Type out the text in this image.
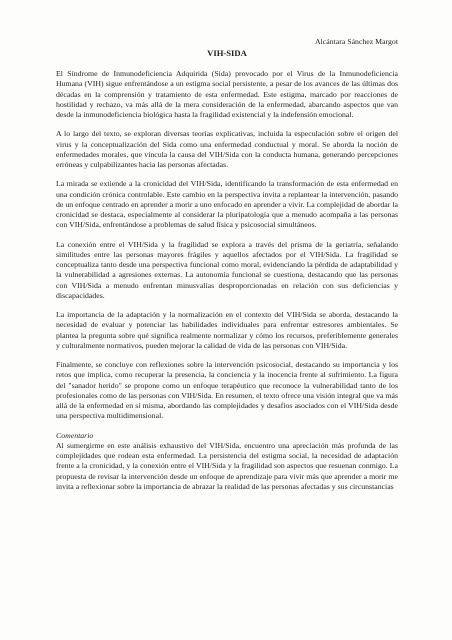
Alcántara Sánchez Margot
VIH-SIDA

El Síndrome de Inmunodeficiencia Adquirida (Sida) provocado por el Virus de la Inmunodeficiencia Humana (VIH) sigue enfrentándose a un estigma social persistente, a pesar de los avances de las últimas dos décadas en la comprensión y tratamiento de esta enfermedad. Este estigma, marcado por reacciones de hostilidad y rechazo, va más allá de la mera consideración de la enfermedad, abarcando aspectos que van desde la inmunodeficiencia biológica hasta la fragilidad existencial y la indefensión emocional.

A lo largo del texto, se exploran diversas teorías explicativas, incluida la especulación sobre el origen del virus y la conceptualización del Sida como una enfermedad conductual y moral. Se aborda la noción de enfermedades morales, que vincula la causa del VIH/Sida con la conducta humana, generando percepciones erróneas y culpabilizantes hacia las personas afectadas.

La mirada se extiende a la cronicidad del VIH/Sida, identificando la transformación de esta enfermedad en una condición crónica controlable. Este cambio en la perspectiva invita a replantear la intervención, pasando de un enfoque centrado en aprender a morir a uno enfocado en aprender a vivir. La complejidad de abordar la cronicidad se destaca, especialmente al considerar la pluripatología que a menudo acompaña a las personas con VIH/Sida, enfrentándose a problemas de salud física y psicosocial simultáneos.

La conexión entre el VIH/Sida y la fragilidad se explora a través del prisma de la geriatría, señalando similitudes entre las personas mayores frágiles y aquellos afectados por el VIH/Sida. La fragilidad se conceptualiza tanto desde una perspectiva funcional como moral, evidenciando la pérdida de adaptabilidad y la vulnerabilidad a agresiones externas. La autonomía funcional se cuestiona, destacando que las personas con VIH/Sida a menudo enfrentan minusvalías desproporcionadas en relación con sus deficiencias y discapacidades.

La importancia de la adaptación y la normalización en el contexto del VIH/Sida se aborda, destacando la necesidad de evaluar y potenciar las habilidades individuales para enfrentar estresores ambientales. Se plantea la pregunta sobre qué significa realmente normalizar y cómo los recursos, preferiblemente generales y culturalmente normativos, pueden mejorar la calidad de vida de las personas con VIH/Sida.

Finalmente, se concluye con reflexiones sobre la intervención psicosocial, destacando su importancia y los retos que implica, como recuperar la presencia, la conciencia y la inocencia frente al sufrimiento. La figura del "sanador herido" se propone como un enfoque terapéutico que reconoce la vulnerabilidad tanto de los profesionales como de las personas con VIH/Sida. En resumen, el texto ofrece una visión integral que va más allá de la enfermedad en sí misma, abordando las complejidades y desafíos asociados con el VIH/Sida desde una perspectiva multidimensional.

Comentario

Al sumergirme en este análisis exhaustivo del VIH/Sida, encuentro una apreciación más profunda de las complejidades que rodean esta enfermedad. La persistencia del estigma social, la necesidad de adaptación frente a la cronicidad, y la conexión entre el VIH/Sida y la fragilidad son aspectos que resuenan conmigo. La propuesta de revisar la intervención desde un enfoque de aprendizaje para vivir más que aprender a morir me invita a reflexionar sobre la importancia de abrazar la realidad de las personas afectadas y sus circunstancias
